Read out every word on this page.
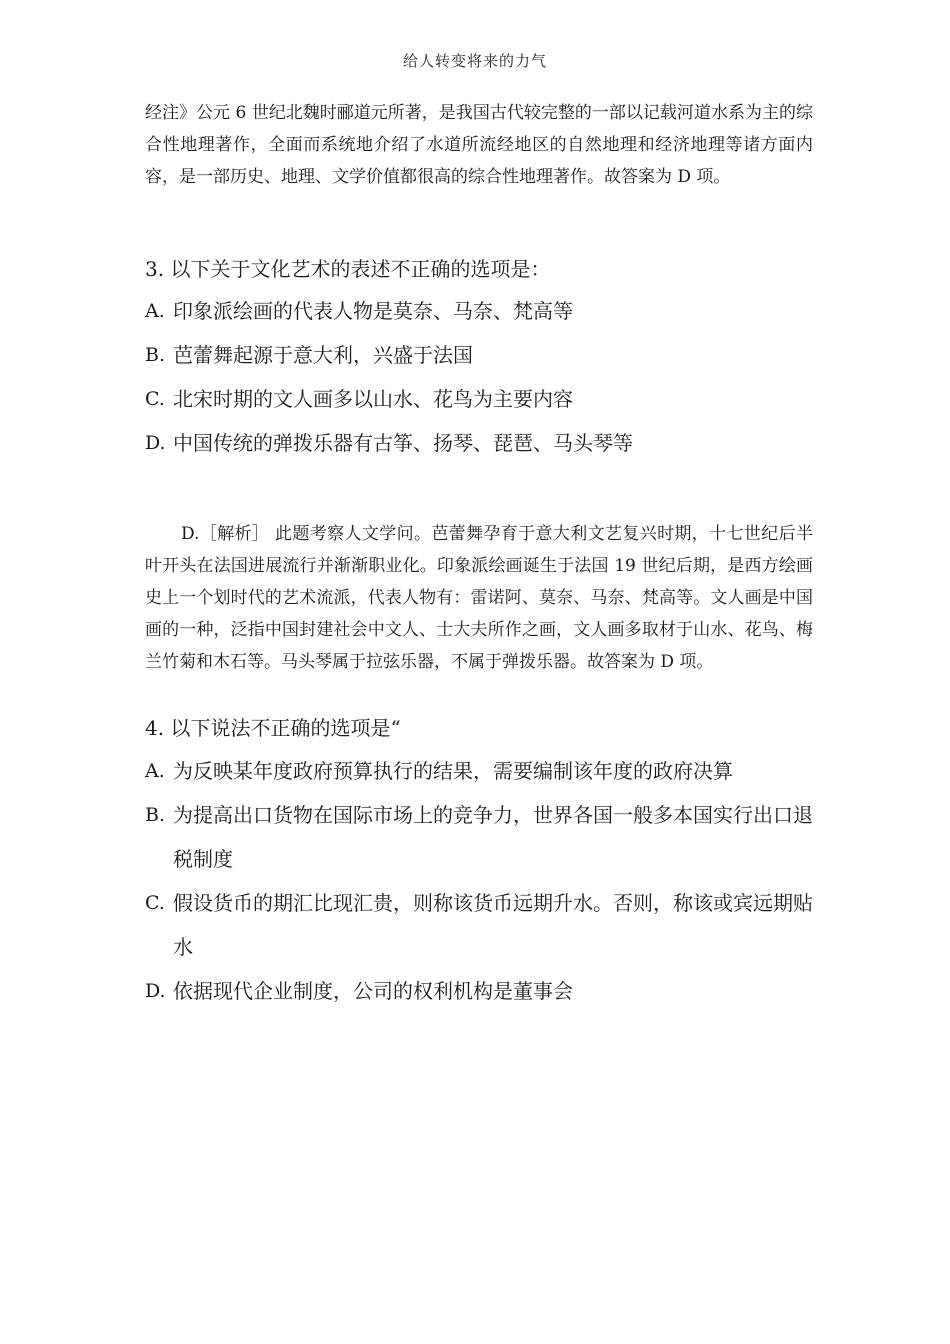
给人转变将来的力气

经注》公元 6 世纪北魏时郦道元所著，是我国古代较完整的一部以记载河道水系为主的综合性地理著作，全面而系统地介绍了水道所流经地区的自然地理和经济地理等诸方面内容，是一部历史、地理、文学价值都很高的综合性地理著作。故答案为 D 项。

3. 以下关于文化艺术的表述不正确的选项是：

A. 印象派绘画的代表人物是莫奈、马奈、梵高等
B. 芭蕾舞起源于意大利，兴盛于法国
C. 北宋时期的文人画多以山水、花鸟为主要内容
D. 中国传统的弹拨乐器有古筝、扬琴、琵琶、马头琴等

D.［解析］ 此题考察人文学问。芭蕾舞孕育于意大利文艺复兴时期，十七世纪后半叶开头在法国进展流行并渐渐职业化。印象派绘画诞生于法国 19 世纪后期，是西方绘画史上一个划时代的艺术流派，代表人物有：雷诺阿、莫奈、马奈、梵高等。文人画是中国画的一种，泛指中国封建社会中文人、士大夫所作之画，文人画多取材于山水、花鸟、梅兰竹菊和木石等。马头琴属于拉弦乐器，不属于弹拨乐器。故答案为 D 项。

4. 以下说法不正确的选项是“

A. 为反映某年度政府预算执行的结果，需要编制该年度的政府决算
B. 为提高出口货物在国际市场上的竞争力，世界各国一般多本国实行出口退税制度
C. 假设货币的期汇比现汇贵，则称该货币远期升水。否则，称该或宾远期贴水
D. 依据现代企业制度，公司的权利机构是董事会
